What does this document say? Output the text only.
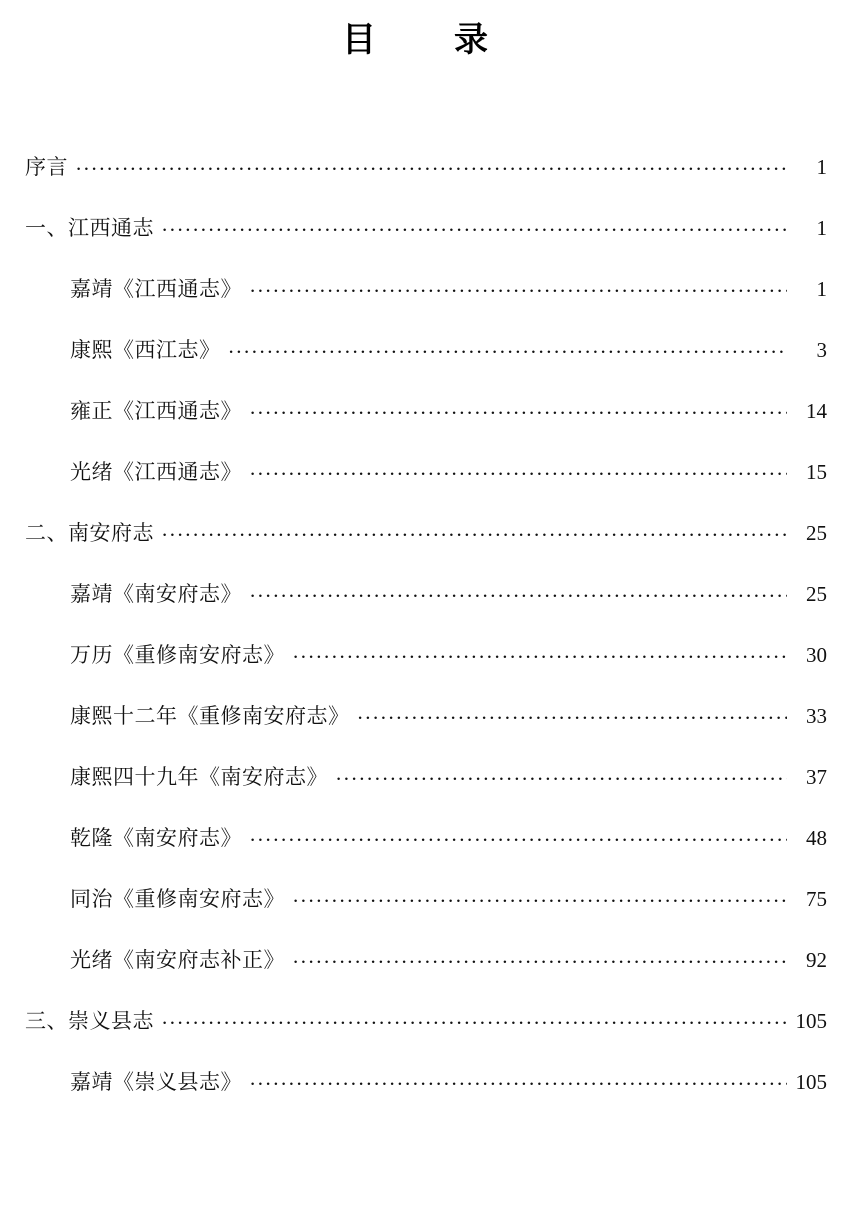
目　录
序言 .....	1
一、江西通志 .....	1
嘉靖《江西通志》 .....	1
康熙《西江志》 .....	3
雍正《江西通志》 .....	14
光绪《江西通志》 .....	15
二、南安府志 .....	25
嘉靖《南安府志》 .....	25
万历《重修南安府志》 .....	30
康熙十二年《重修南安府志》 .....	33
康熙四十九年《南安府志》 .....	37
乾隆《南安府志》 .....	48
同治《重修南安府志》 .....	75
光绪《南安府志补正》 .....	92
三、崇义县志 .....	105
嘉靖《崇义县志》 .....	105
